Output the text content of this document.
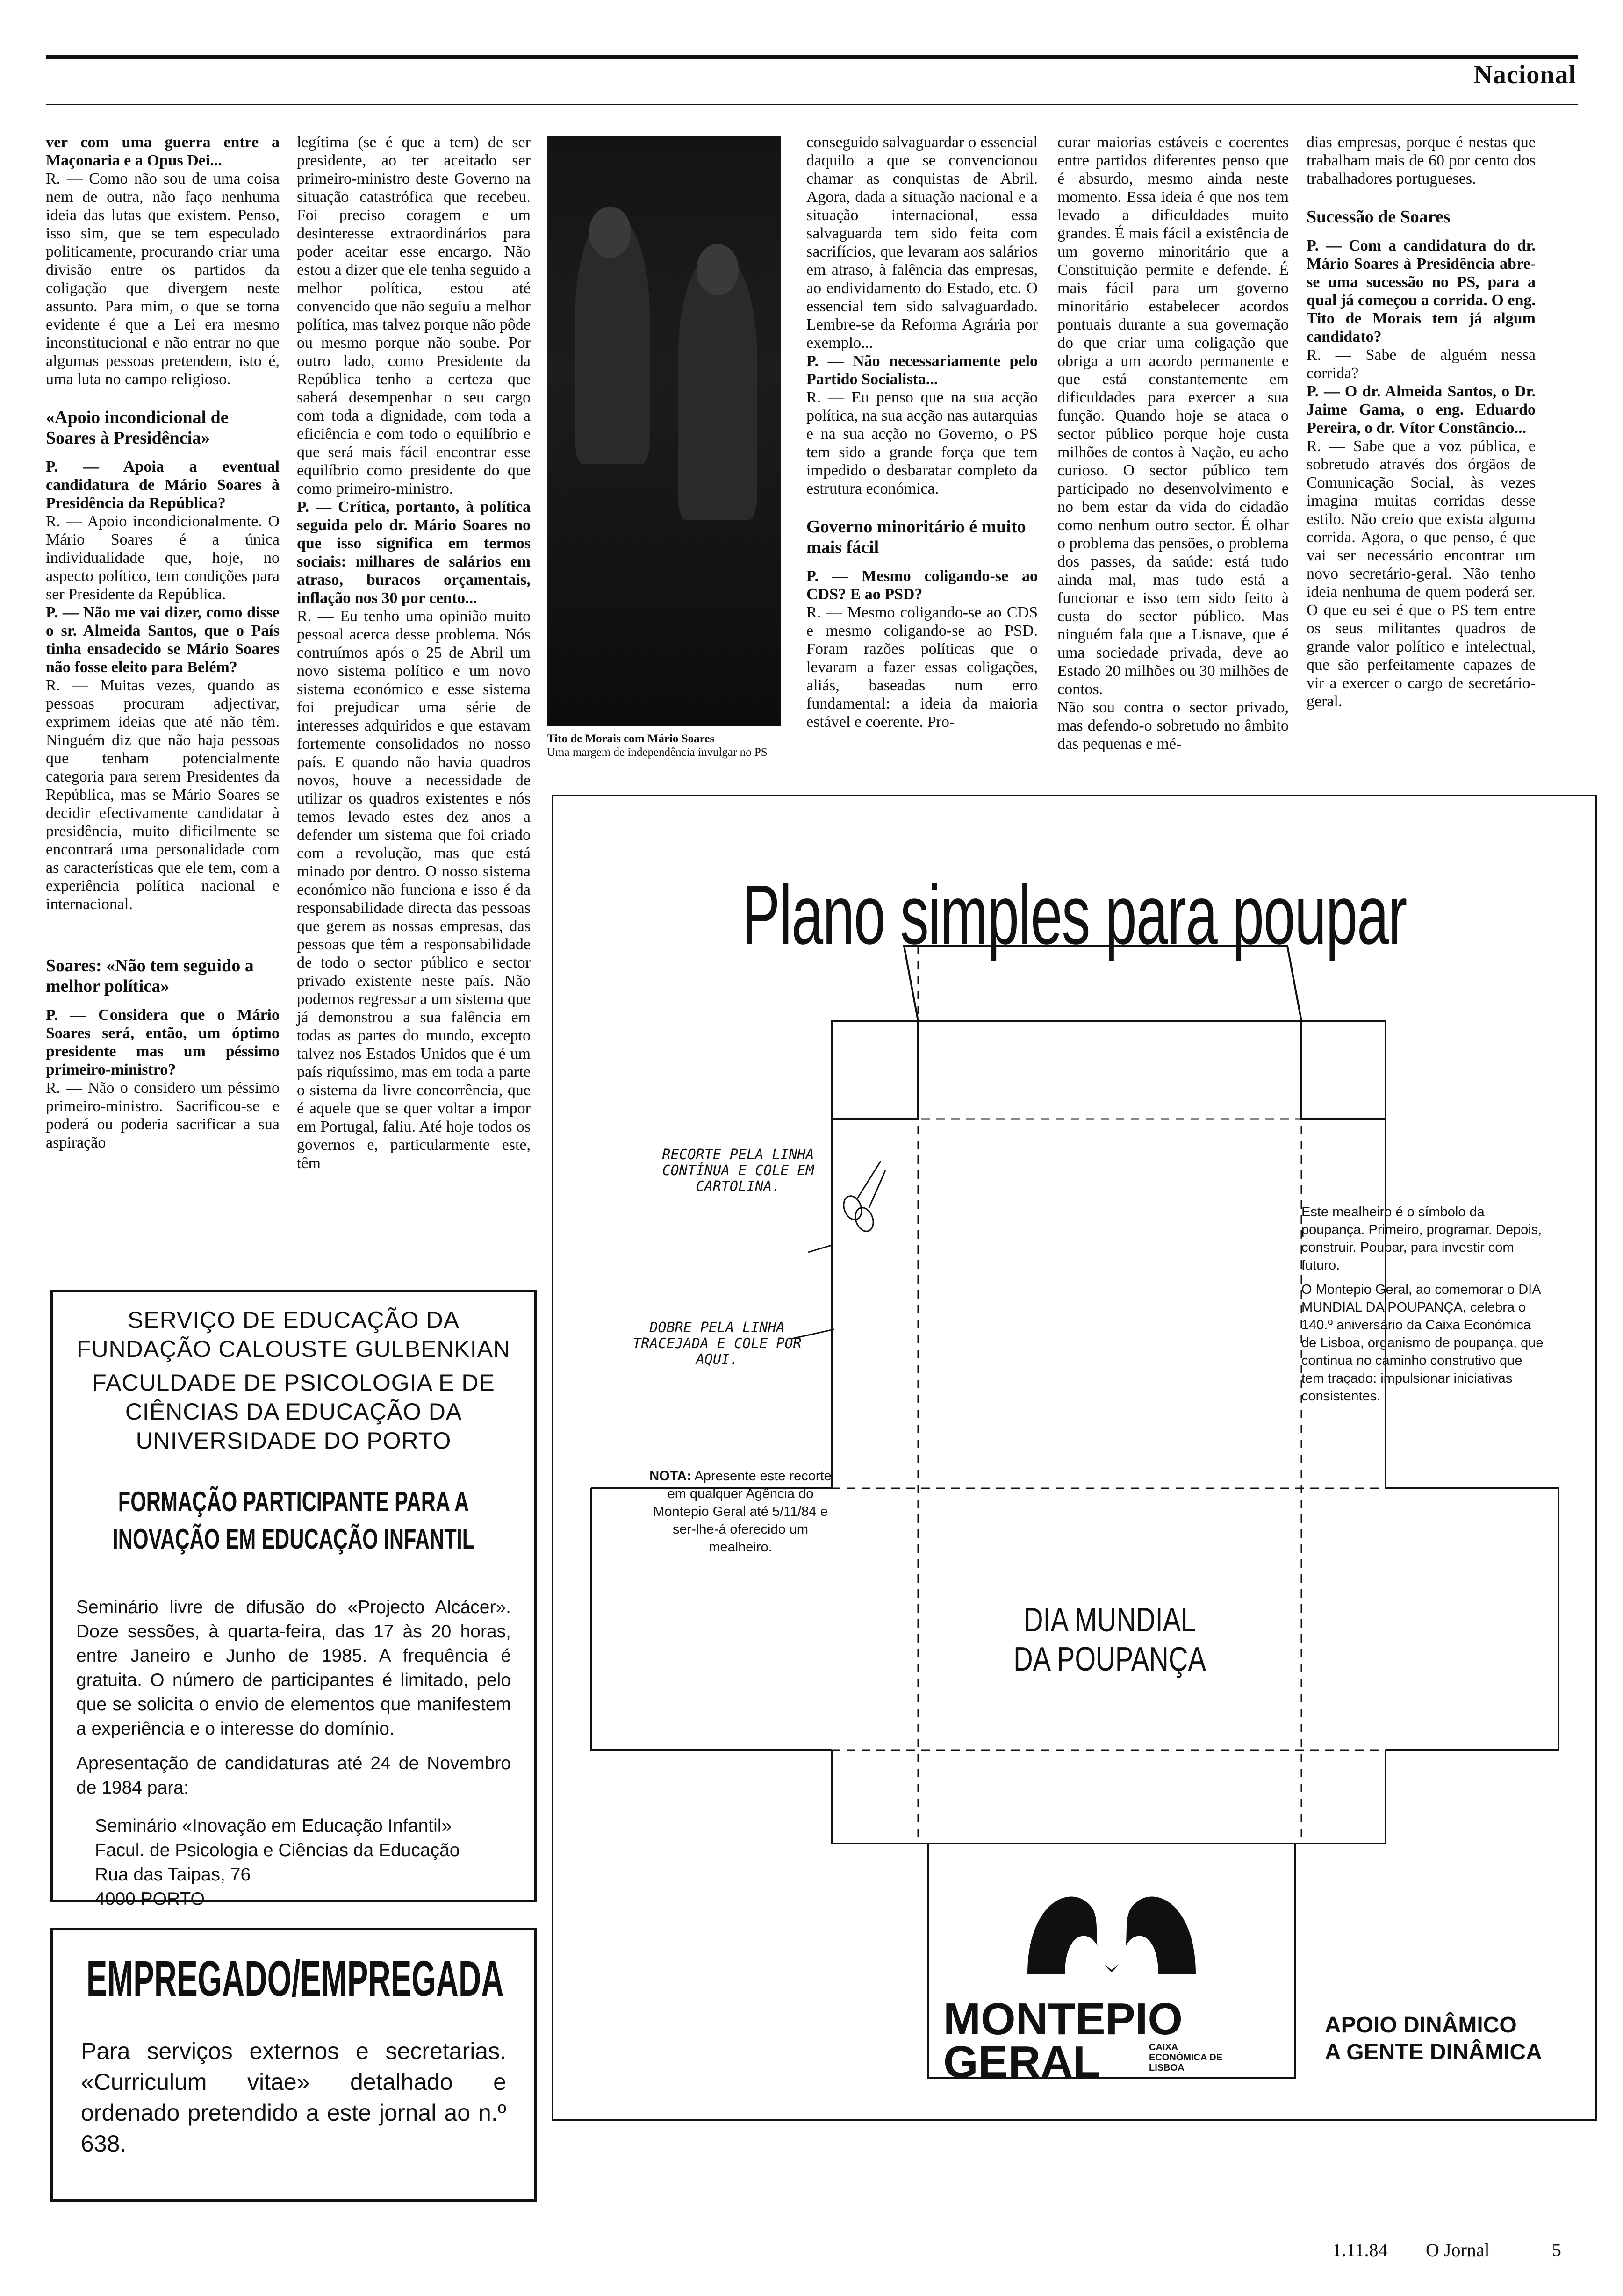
Nacional

ver com uma guerra entre a Maçonaria e a Opus Dei...

R. — Como não sou de uma coisa nem de outra, não faço nenhuma ideia das lutas que existem. Penso, isso sim, que se tem especulado politicamente, procurando criar uma divisão entre os partidos da coligação que divergem neste assunto. Para mim, o que se torna evidente é que a Lei era mesmo inconstitucional e não entrar no que algumas pessoas pretendem, isto é, uma luta no campo religioso.

«Apoio incondicional de Soares à Presidência»

P. — Apoia a eventual candidatura de Mário Soares à Presidência da República?

R. — Apoio incondicionalmente. O Mário Soares é a única individualidade que, hoje, no aspecto político, tem condições para ser Presidente da República.

P. — Não me vai dizer, como disse o sr. Almeida Santos, que o País tinha ensadecido se Mário Soares não fosse eleito para Belém?

R. — Muitas vezes, quando as pessoas procuram adjectivar, exprimem ideias que até não têm. Ninguém diz que não haja pessoas que tenham potencialmente categoria para serem Presidentes da República, mas se Mário Soares se decidir efectivamente candidatar à presidência, muito dificilmente se encontrará uma personalidade com as características que ele tem, com a experiência política nacional e internacional.

Soares: «Não tem seguido a melhor política»

P. — Considera que o Mário Soares será, então, um óptimo presidente mas um péssimo primeiro-ministro?

R. — Não o considero um péssimo primeiro-ministro. Sacrificou-se e poderá ou poderia sacrificar a sua aspiração

legítima (se é que a tem) de ser presidente, ao ter aceitado ser primeiro-ministro deste Governo na situação catastrófica que recebeu. Foi preciso coragem e um desinteresse extraordinários para poder aceitar esse encargo. Não estou a dizer que ele tenha seguido a melhor política, estou até convencido que não seguiu a melhor política, mas talvez porque não pôde ou mesmo porque não soube. Por outro lado, como Presidente da República tenho a certeza que saberá desempenhar o seu cargo com toda a dignidade, com toda a eficiência e com todo o equilíbrio e que será mais fácil encontrar esse equilíbrio como presidente do que como primeiro-ministro.

P. — Crítica, portanto, à política seguida pelo dr. Mário Soares no que isso significa em termos sociais: milhares de salários em atraso, buracos orçamentais, inflação nos 30 por cento...

R. — Eu tenho uma opinião muito pessoal acerca desse problema. Nós contruímos após o 25 de Abril um novo sistema político e um novo sistema económico e esse sistema foi prejudicar uma série de interesses adquiridos e que estavam fortemente consolidados no nosso país. E quando não havia quadros novos, houve a necessidade de utilizar os quadros existentes e nós temos levado estes dez anos a defender um sistema que foi criado com a revolução, mas que está minado por dentro. O nosso sistema económico não funciona e isso é da responsabilidade directa das pessoas que gerem as nossas empresas, das pessoas que têm a responsabilidade de todo o sector público e sector privado existente neste país. Não podemos regressar a um sistema que já demonstrou a sua falência em todas as partes do mundo, excepto talvez nos Estados Unidos que é um país riquíssimo, mas em toda a parte o sistema da livre concorrência, que é aquele que se quer voltar a impor em Portugal, faliu. Até hoje todos os governos e, particularmente este, têm

Tito de Morais com Mário Soares
Uma margem de independência invulgar no PS

conseguido salvaguardar o essencial daquilo a que se convencionou chamar as conquistas de Abril. Agora, dada a situação nacional e a situação internacional, essa salvaguarda tem sido feita com sacrifícios, que levaram aos salários em atraso, à falência das empresas, ao endividamento do Estado, etc. O essencial tem sido salvaguardado. Lembre-se da Reforma Agrária por exemplo...

P. — Não necessariamente pelo Partido Socialista...

R. — Eu penso que na sua acção política, na sua acção nas autarquias e na sua acção no Governo, o PS tem sido a grande força que tem impedido o desbaratar completo da estrutura económica.

Governo minoritário é muito mais fácil

P. — Mesmo coligando-se ao CDS? E ao PSD?

R. — Mesmo coligando-se ao CDS e mesmo coligando-se ao PSD. Foram razões políticas que o levaram a fazer essas coligações, aliás, baseadas num erro fundamental: a ideia da maioria estável e coerente. Pro-

curar maiorias estáveis e coerentes entre partidos diferentes penso que é absurdo, mesmo ainda neste momento. Essa ideia é que nos tem levado a dificuldades muito grandes. É mais fácil a existência de um governo minoritário que a Constituição permite e defende. É mais fácil para um governo minoritário estabelecer acordos pontuais durante a sua governação do que criar uma coligação que obriga a um acordo permanente e que está constantemente em dificuldades para exercer a sua função. Quando hoje se ataca o sector público porque hoje custa milhões de contos à Nação, eu acho curioso. O sector público tem participado no desenvolvimento e no bem estar da vida do cidadão como nenhum outro sector. É olhar o problema das pensões, o problema dos passes, da saúde: está tudo ainda mal, mas tudo está a funcionar e isso tem sido feito à custa do sector público. Mas ninguém fala que a Lisnave, que é uma sociedade privada, deve ao Estado 20 milhões ou 30 milhões de contos.

Não sou contra o sector privado, mas defendo-o sobretudo no âmbito das pequenas e mé-

dias empresas, porque é nestas que trabalham mais de 60 por cento dos trabalhadores portugueses.

Sucessão de Soares

P. — Com a candidatura do dr. Mário Soares à Presidência abre-se uma sucessão no PS, para a qual já começou a corrida. O eng. Tito de Morais tem já algum candidato?

R. — Sabe de alguém nessa corrida?

P. — O dr. Almeida Santos, o Dr. Jaime Gama, o eng. Eduardo Pereira, o dr. Vítor Constâncio...

R. — Sabe que a voz pública, e sobretudo através dos órgãos de Comunicação Social, às vezes imagina muitas corridas desse estilo. Não creio que exista alguma corrida. Agora, o que penso, é que vai ser necessário encontrar um novo secretário-geral. Não tenho ideia nenhuma de quem poderá ser. O que eu sei é que o PS tem entre os seus militantes quadros de grande valor político e intelectual, que são perfeitamente capazes de vir a exercer o cargo de secretário-geral.

SERVIÇO DE EDUCAÇÃO DA FUNDAÇÃO CALOUSTE GULBENKIAN
FACULDADE DE PSICOLOGIA E DE CIÊNCIAS DA EDUCAÇÃO DA UNIVERSIDADE DO PORTO
FORMAÇÃO PARTICIPANTE PARA A INOVAÇÃO EM EDUCAÇÃO INFANTIL
Seminário livre de difusão do «Projecto Alcácer». Doze sessões, à quarta-feira, das 17 às 20 horas, entre Janeiro e Junho de 1985. A frequência é gratuita. O número de participantes é limitado, pelo que se solicita o envio de elementos que manifestem a experiência e o interesse do domínio.
Apresentação de candidaturas até 24 de Novembro de 1984 para:
Seminário «Inovação em Educação Infantil»
Facul. de Psicologia e Ciências da Educação
Rua das Taipas, 76
4000 PORTO
EMPREGADO/EMPREGADA
Para serviços externos e secretarias. «Curriculum vitae» detalhado e ordenado pretendido a este jornal ao n.º 638.
Plano simples para poupar
RECORTE PELA LINHA CONTÍNUA E COLE EM CARTOLINA.
DOBRE PELA LINHA TRACEJADA E COLE POR AQUI.
NOTA: Apresente este recorte em qualquer Agência do Montepio Geral até 5/11/84 e ser-lhe-á oferecido um mealheiro.
Este mealheiro é o símbolo da poupança. Primeiro, programar. Depois, construir. Poupar, para investir com futuro.
O Montepio Geral, ao comemorar o DIA MUNDIAL DA POUPANÇA, celebra o 140.º aniversário da Caixa Económica de Lisboa, organismo de poupança, que continua no caminho construtivo que tem traçado: impulsionar iniciativas consistentes.
DIA MUNDIAL
DA POUPANÇA
MONTEPIO
GERAL	CAIXA ECONÓMICA DE LISBOA
APOIO DINÂMICO
A GENTE DINÂMICA
1.11.84 O Jornal	5
